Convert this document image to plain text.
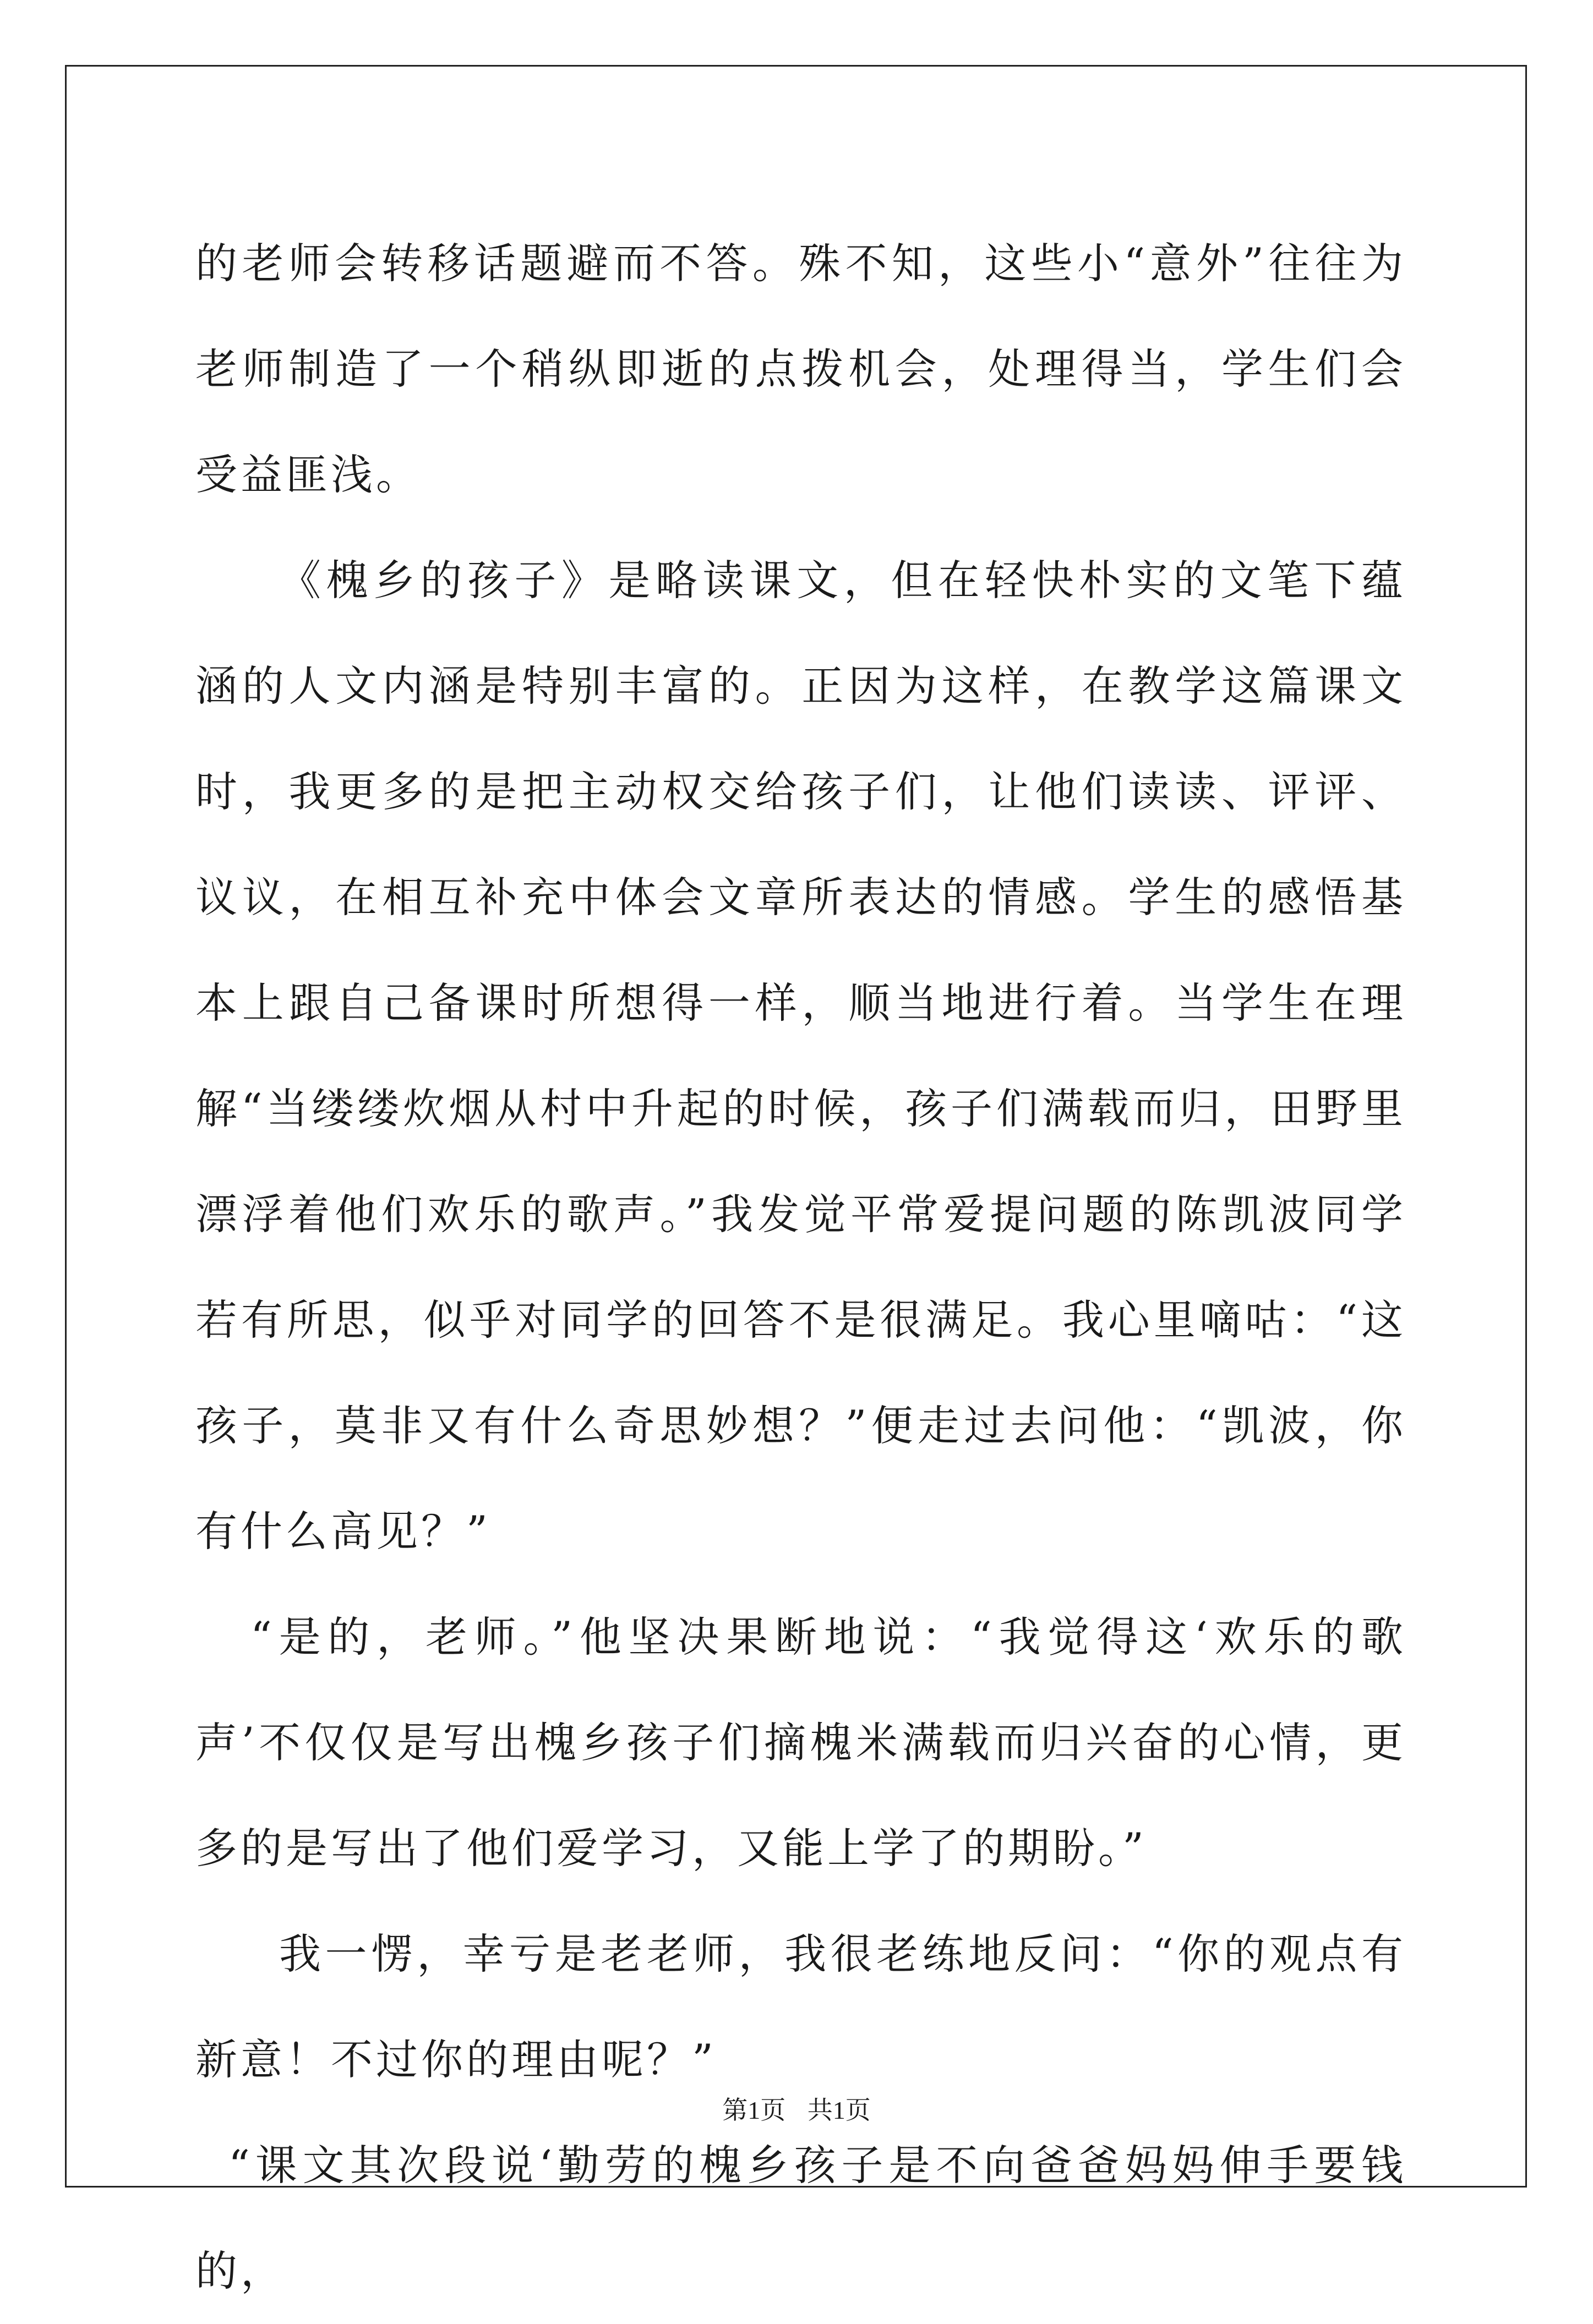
的老师会转移话题避而不答。殊不知，这些小“意外”往往为老师制造了一个稍纵即逝的点拨机会，处理得当，学生们会受益匪浅。

《槐乡的孩子》是略读课文，但在轻快朴实的文笔下蕴涵的人文内涵是特别丰富的。正因为这样，在教学这篇课文时，我更多的是把主动权交给孩子们，让他们读读、评评、议议，在相互补充中体会文章所表达的情感。学生的感悟基本上跟自己备课时所想得一样，顺当地进行着。当学生在理解“当缕缕炊烟从村中升起的时候，孩子们满载而归，田野里漂浮着他们欢乐的歌声。”我发觉平常爱提问题的陈凯波同学若有所思，似乎对同学的回答不是很满足。我心里嘀咕：“这孩子，莫非又有什么奇思妙想？”便走过去问他：“凯波，你有什么高见？”

“是的，老师。”他坚决果断地说：“我觉得这‘欢乐的歌声’不仅仅是写出槐乡孩子们摘槐米满载而归兴奋的心情，更多的是写出了他们爱学习，又能上学了的期盼。”

我一愣，幸亏是老老师，我很老练地反问：“你的观点有新意！不过你的理由呢？”

“课文其次段说‘勤劳的槐乡孩子是不向爸爸妈妈伸手要钱的，

第1页 共1页
